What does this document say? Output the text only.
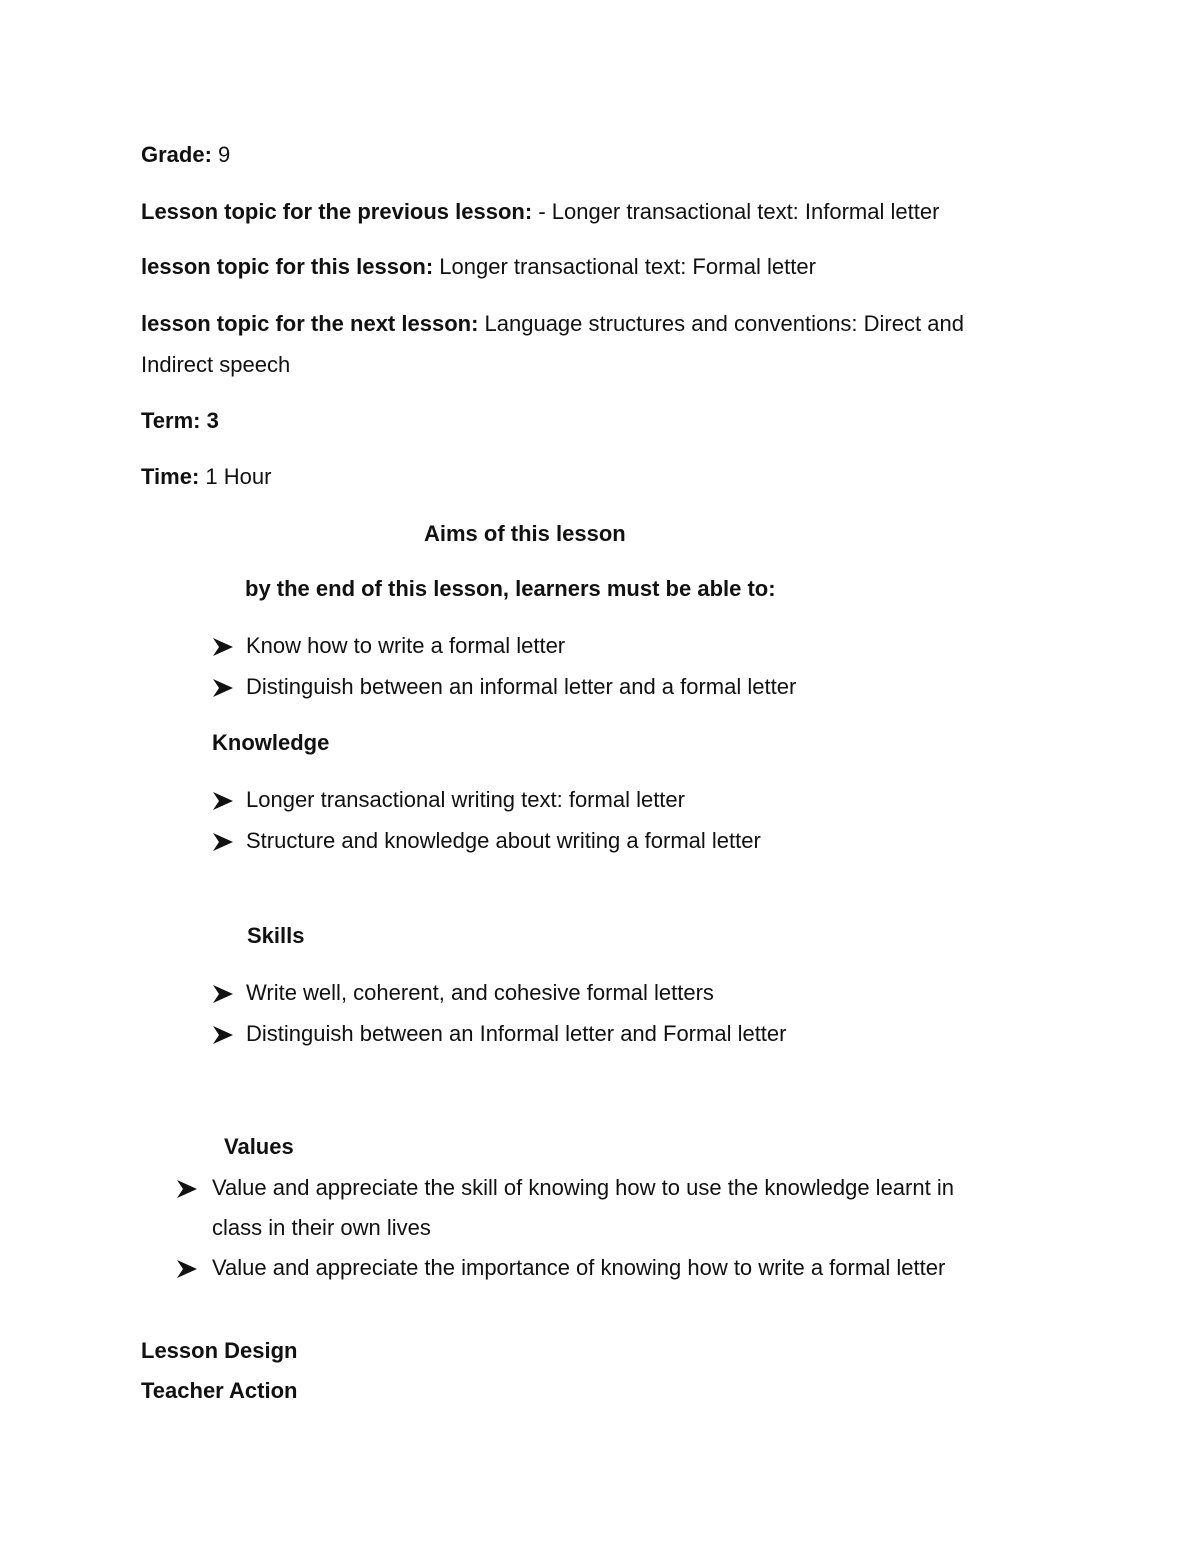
Grade: 9
Lesson topic for the previous lesson: - Longer transactional text: Informal letter
lesson topic for this lesson: Longer transactional text: Formal letter
lesson topic for the next lesson: Language structures and conventions: Direct and
Indirect speech
Term: 3
Time: 1 Hour
Aims of this lesson
by the end of this lesson, learners must be able to:
Know how to write a formal letter
Distinguish between an informal letter and a formal letter
Knowledge
Longer transactional writing text: formal letter
Structure and knowledge about writing a formal letter
Skills
Write well, coherent, and cohesive formal letters
Distinguish between an Informal letter and Formal letter
Values
Value and appreciate the skill of knowing how to use the knowledge learnt in
class in their own lives
Value and appreciate the importance of knowing how to write a formal letter
Lesson Design
Teacher Action
